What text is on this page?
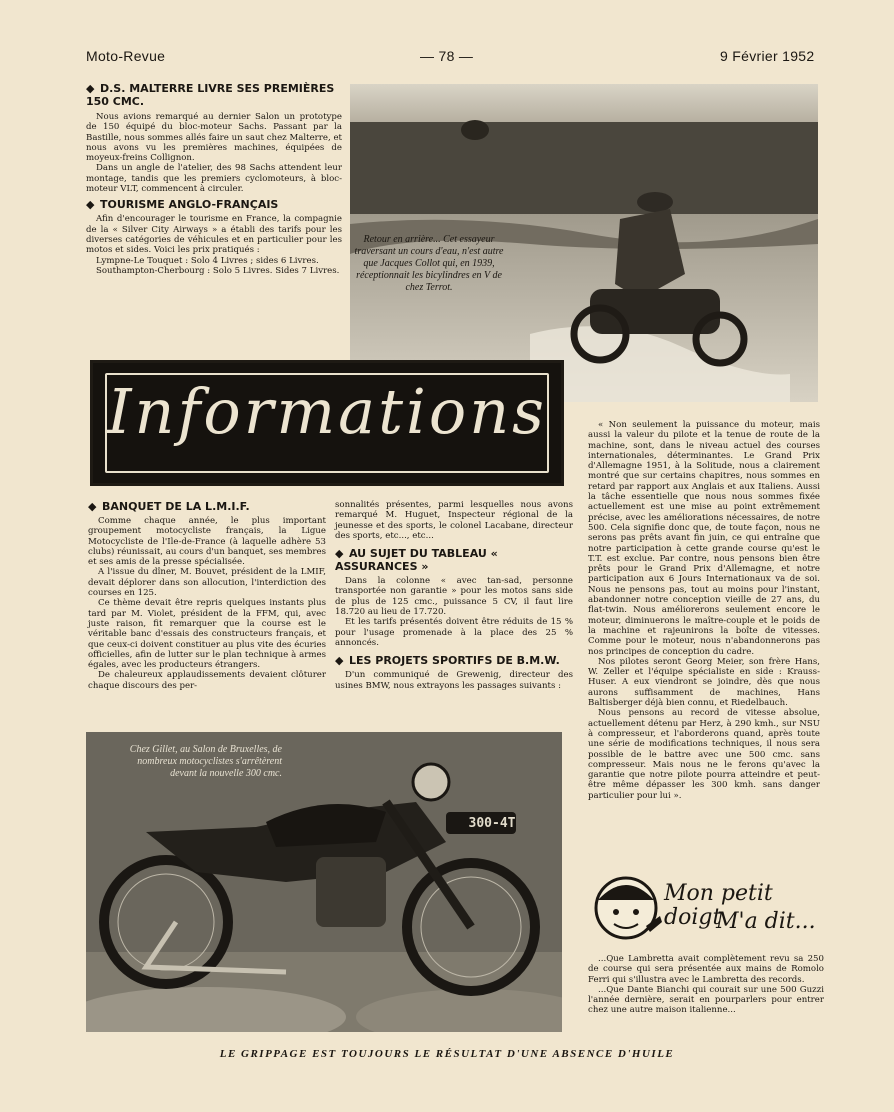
Moto-Revue	— 78 —	9 Février 1952
◆ D.S. MALTERRE LIVRE SES PREMIÈRES 150 CMC.

Nous avions remarqué au dernier Salon un prototype de 150 équipé du bloc-moteur Sachs. Passant par la Bastille, nous sommes allés faire un saut chez Malterre, et nous avons vu les premières machines, équipées de moyeux-freins Collignon.

Dans un angle de l'atelier, des 98 Sachs attendent leur montage, tandis que les premiers cyclomoteurs, à bloc-moteur VLT, commencent à circuler.

◆ TOURISME ANGLO-FRANÇAIS

Afin d'encourager le tourisme en France, la compagnie de la « Silver City Airways » a établi des tarifs pour les diverses catégories de véhicules et en particulier pour les motos et sides. Voici les prix pratiqués :

Lympne-Le Touquet : Solo 4 Livres ; sides 6 Livres.

Southampton-Cherbourg : Solo 5 Livres. Sides 7 Livres.

Retour en arrière... Cet essayeur traversant un cours d'eau, n'est autre que Jacques Collot qui, en 1939, réceptionnait les bicylindres en V de chez Terrot.
Informations
◆ BANQUET DE LA L.M.I.F.

Comme chaque année, le plus important groupement motocycliste français, la Ligue Motocycliste de l'Ile-de-France (à laquelle adhère 53 clubs) réunissait, au cours d'un banquet, ses membres et ses amis de la presse spécialisée.

A l'issue du dîner, M. Bouvet, président de la LMIF, devait déplorer dans son allocution, l'interdiction des courses en 125.

Ce thème devait être repris quelques instants plus tard par M. Violet, président de la FFM, qui, avec juste raison, fit remarquer que la course est le véritable banc d'essais des constructeurs français, et que ceux-ci doivent constituer au plus vite des écuries officielles, afin de lutter sur le plan technique à armes égales, avec les producteurs étrangers.

De chaleureux applaudissements devaient clôturer chaque discours des per-

sonnalités présentes, parmi lesquelles nous avons remarqué M. Huguet, Inspecteur régional de la jeunesse et des sports, le colonel Lacabane, directeur des sports, etc..., etc...

◆ AU SUJET DU TABLEAU « ASSURANCES »

Dans la colonne « avec tan-sad, personne transportée non garantie » pour les motos sans side de plus de 125 cmc., puissance 5 CV, il faut lire 18.720 au lieu de 17.720.

Et les tarifs présentés doivent être réduits de 15 % pour l'usage promenade à la place des 25 % annoncés.

◆ LES PROJETS SPORTIFS DE B.M.W.

D'un communiqué de Grewenig, directeur des usines BMW, nous extrayons les passages suivants :

« Non seulement la puissance du moteur, mais aussi la valeur du pilote et la tenue de route de la machine, sont, dans le niveau actuel des courses internationales, déterminantes. Le Grand Prix d'Allemagne 1951, à la Solitude, nous a clairement montré que sur certains chapitres, nous sommes en retard par rapport aux Anglais et aux Italiens. Aussi la tâche essentielle que nous nous sommes fixée actuellement est une mise au point extrêmement précise, avec les améliorations nécessaires, de notre 500. Cela signifie donc que, de toute façon, nous ne serons pas prêts avant fin juin, ce qui entraîne que notre participation à cette grande course qu'est le T.T. est exclue. Par contre, nous pensons bien être prêts pour le Grand Prix d'Allemagne, et notre participation aux 6 Jours Internationaux va de soi. Nous ne pensons pas, tout au moins pour l'instant, abandonner notre conception vieille de 27 ans, du flat-twin. Nous améliorerons seulement encore le moteur, diminuerons le maître-couple et le poids de la machine et rajeunirons la boîte de vitesses. Comme pour le moteur, nous n'abandonnerons pas nos principes de conception du cadre.

Nos pilotes seront Georg Meier, son frère Hans, W. Zeller et l'équipe spécialiste en side : Krauss-Huser. A eux viendront se joindre, dès que nous aurons suffisamment de machines, Hans Baltisberger déjà bien connu, et Riedelbauch.

Nous pensons au record de vitesse absolue, actuellement détenu par Herz, à 290 kmh., sur NSU à compresseur, et l'aborderons quand, après toute une série de modifications techniques, il nous sera possible de le battre avec une 500 cmc. sans compresseur. Mais nous ne le ferons qu'avec la garantie que notre pilote pourra atteindre et peut-être même dépasser les 300 kmh. sans danger particulier pour lui ».

300-4T
Chez Gillet, au Salon de Bruxelles, de nombreux motocyclistes s'arrêtèrent devant la nouvelle 300 cmc.
Mon petit doigt
M'a dit...

...Que Lambretta avait complètement revu sa 250 de course qui sera présentée aux mains de Romolo Ferri qui s'illustra avec le Lambretta des records.

...Que Dante Bianchi qui courait sur une 500 Guzzi l'année dernière, serait en pourparlers pour entrer chez une autre maison italienne...

LE GRIPPAGE EST TOUJOURS LE RÉSULTAT D'UNE ABSENCE D'HUILE
